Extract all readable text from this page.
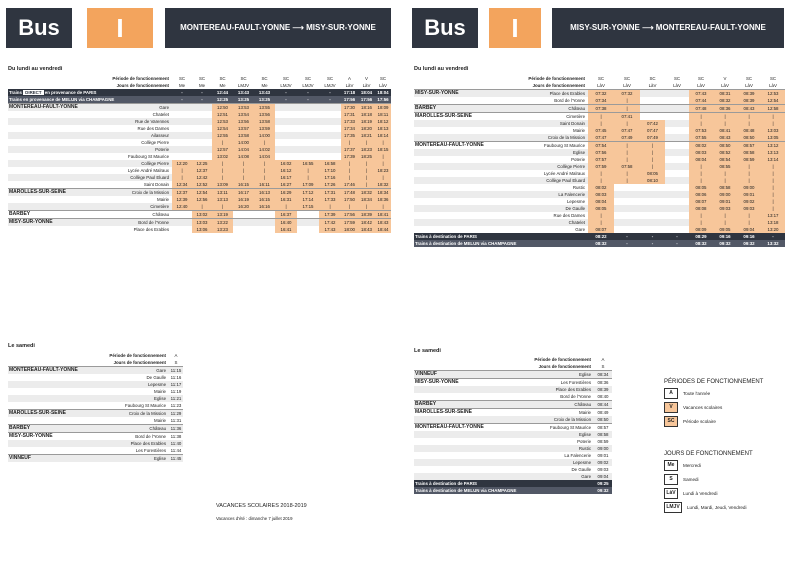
Bus	I	MONTEREAU-FAULT-YONNE ⟶ MISY-SUR-YONNE	Bus	I	MISY-SUR-YONNE ⟶ MONTEREAU-FAULT-YONNE
Du lundi au vendredi	Du lundi au vendredi
Le samedi
Le samedi
Période de fonctionnement		SC	SC	SC	SC	SC	SC	SC	SC	A	V	SC
Jours de fonctionnement		Me	Me	Me	LMJV	Me	LMJV	LMJV	LMJV	LàV	LàV	LàV
Trains DIRECT en provenance de PARIS		-	-	12:44	13:43	13:43	-	-	-	17:18	18:04	18:04
Trains en provenance de MELUN via CHAMPAGNE		-	-	12:25	13:25	13:25	-	-	-	17:56	17:56	17:56
MONTEREAU-FAULT-YONNE	Gare			12:50	13:53	13:55				17:30	18:16	18:09
	Chatelet			12:51	13:54	13:56				17:31	18:18	18:11
	Rue de Varennes			12:53	13:56	13:58				17:33	18:19	18:12
	Rue des Dames			12:54	13:57	13:59				17:34	18:20	18:13
	Ailasseur			12:55	13:58	14:00				17:35	18:21	18:14
	Collège Pierre			|	14:00	|				|	|	|
	Poterie			12:57	14:04	14:02				17:37	18:23	18:15
	Faubourg St Maurice			13:02	14:08	14:04				17:39	18:25	|
	Collège Pierre	12:20	12:25	|	|	|	16:02	16:55	16:58	|	|	|
	Lycée André Malraux	|	12:37	|	|	|	16:12	|	17:10	|	|	18:23
	Collège Paul Eluard	|	12:42	|	|	|	16:17	|	17:16	|	|	|
	Saint Donain	12:34	12:52	13:09	16:15	16:11	16:27	17:09	17:26	17:46	|	18:32
MAROLLES-SUR-SEINE	Croix de la Mission	12:37	12:54	13:11	16:17	16:13	16:29	17:12	17:31	17:48	18:32	18:34
	Mairie	12:39	12:56	13:13	16:19	16:15	16:31	17:14	17:33	17:50	18:34	18:36
	Cimetière	12:40	|	|	16:20	16:16	|	17:15	|	|	|	|
BARBEY	Château		13:02	13:19			16:37		17:39	17:56	18:39	18:41
MISY-SUR-YONNE	Bord de l'Yonne		13:03	13:22			16:40		17:42	17:59	18:42	18:43
	Place des Erables		13:06	13:23			16:41		17:43	18:00	18:43	18:44
Période de fonctionnement		SC	SC	SC	SC	SC	V	SC	SC
Jours de fonctionnement		LàV	LàV	LàV	LàV	LàV	LàV	LàV	LàV
MISY-SUR-YONNE	Place des Erables	07:32	07:32			07:43	08:31	08:39	12:53
	Bord de l'Yonne	07:34	|			07:44	08:32	08:39	12:54
BARBEY	Château	07:38	|			07:48	08:36	08:43	12:58
MAROLLES-SUR-SEINE	Cimetière	|	07:41			|	|	|	|
	Saint Donain	|	|	07:42		|	|	|	|
	Mairie	07:45	07:47	07:47		07:53	08:41	08:48	13:03
	Croix de la Mission	07:47	07:49	07:49		07:55	08:43	08:50	13:05
MONTEREAU-FAULT-YONNE	Faubourg St Maurice	07:54	|	|		08:02	08:50	08:57	13:12
	Eglise	07:56	|	|		08:03	08:52	08:58	13:13
	Poterie	07:57	|	|		08:04	08:54	08:59	13:14
	Collège Pierre	07:59	07:58	|		|	08:55	|	|
	Lycée André Malraux	|	|	08:05		|	|	|	|
	Collège Paul Eluard	|	|	08:10		|	|	|	|
	Rustic	08:02				08:05	08:58	09:00	|
	La Falencerie	08:03				08:06	09:00	09:01	|
	Lepesme	08:04				08:07	09:01	09:02	|
	De Gaulle	08:05				08:08	09:03	09:03	|
	Rue des Dames	|				|	|	|	13:17
	Chatelet	|				|	|	|	13:18
	Gare	08:07				08:09	09:05	09:04	13:20
Trains à destination de PARIS		08:22	-	-	-	08:29	09:16	09:16	-
Trains à destination de MELUN via CHAMPAGNE		08:32	-	-	-	08:32	09:32	09:32	13:32
Période de fonctionnement		A
Jours de fonctionnement		S
MONTEREAU-FAULT-YONNE	Gare	11:15
	De Gaulle	11:16
	Lepesme	11:17
	Mairie	11:19
	Eglise	11:21
	Faubourg St Maurice	11:23
MAROLLES-SUR-SEINE	Croix de la Mission	11:29
	Mairie	11:31
BARBEY	Château	11:36
MISY-SUR-YONNE	Bord de l'Yonne	11:38
	Place des Erables	11:40
	Les Forestières	11:44
VINNEUF	Eglise	11:45
Période de fonctionnement		A
Jours de fonctionnement		S
VINNEUF	Eglise	08:34
MISY-SUR-YONNE	Les Forestières	08:36
	Place des Erables	08:39
	Bord de l'Yonne	08:40
BARBEY	Château	08:44
MAROLLES-SUR-SEINE	Mairie	08:49
	Croix de la Mission	08:50
MONTEREAU-FAULT-YONNE	Faubourg St Maurice	08:57
	Eglise	08:58
	Poterie	08:59
	Rustic	09:00
	La Falencerie	09:01
	Lepesme	09:02
	De Gaulle	09:03
	Gare	09:04
Trains à destination de PARIS		09:25
Trains à destination de MELUN via CHAMPAGNE		09:32
VACANCES SCOLAIRES 2018-2019
Vacances d'été : dimanche 7 juillet 2019
PÉRIODES DE FONCTIONNEMENT
A	Toute l'année
V	Vacances scolaires
SC	Période scolaire
JOURS DE FONCTIONNEMENT
Me	Mercredi
S	Samedi
LàV	Lundi à Vendredi
LMJV	Lundi, Mardi, Jeudi, Vendredi
